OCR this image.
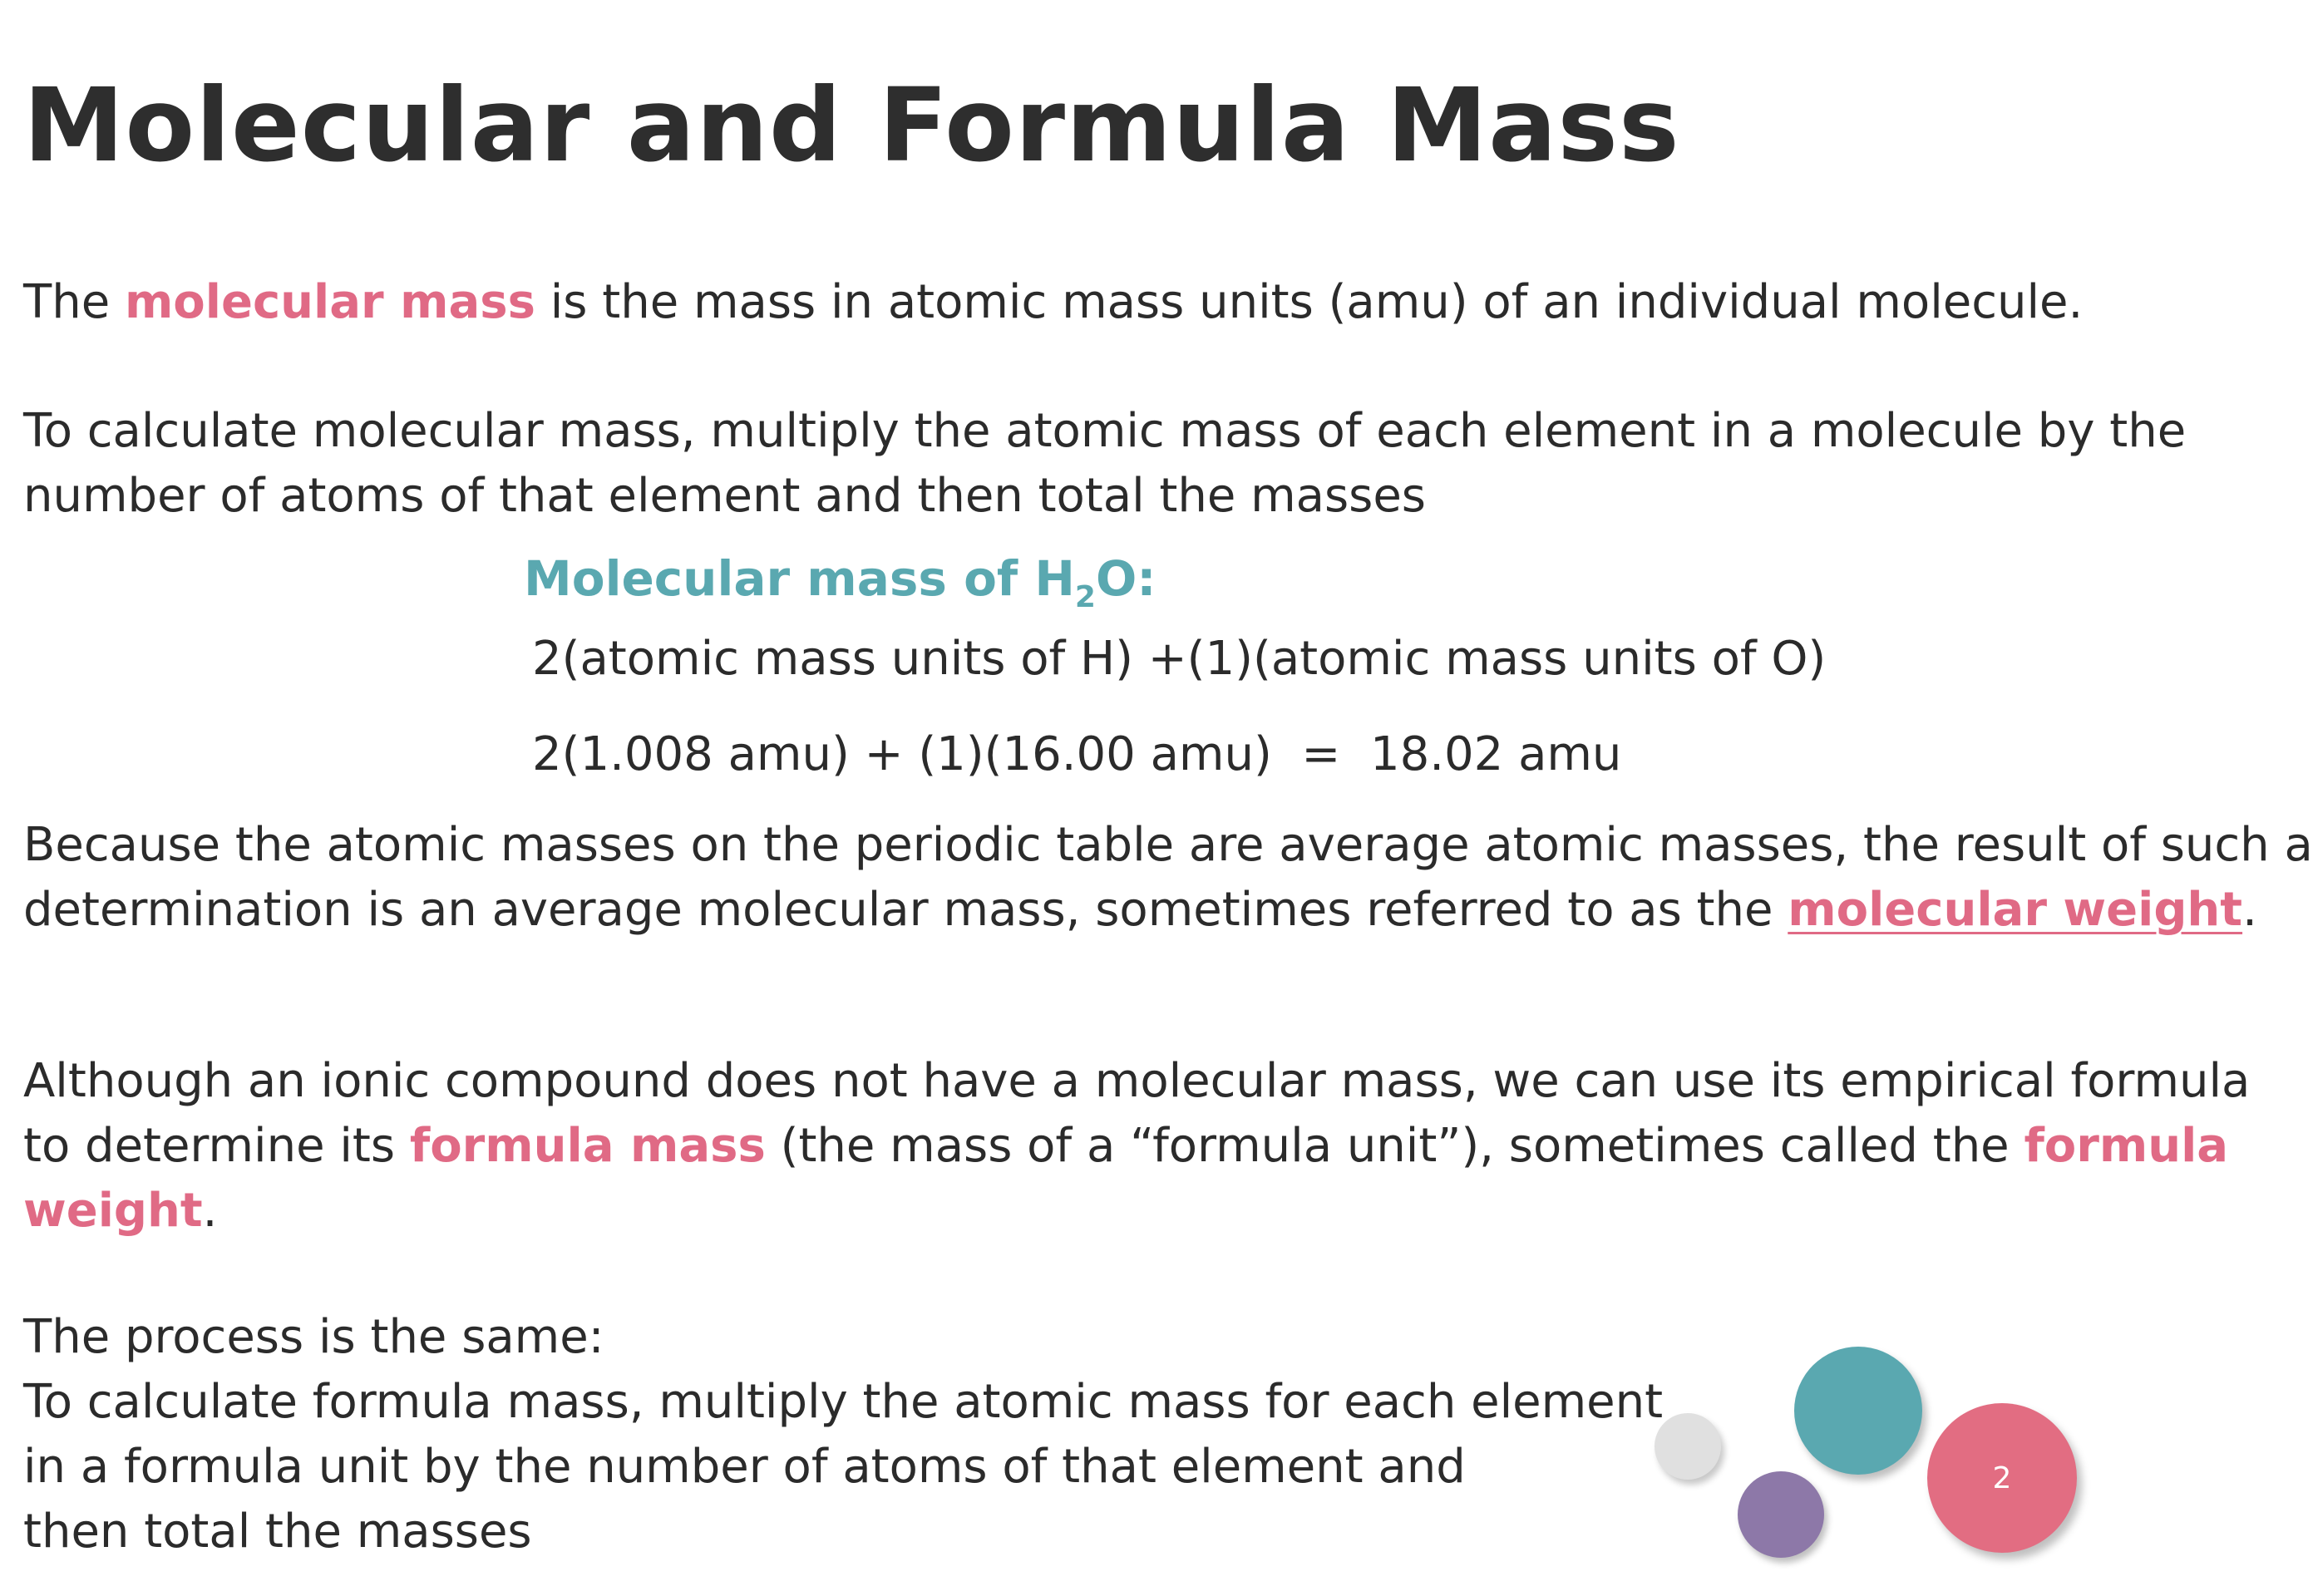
Molecular and Formula Mass

The molecular mass is the mass in atomic mass units (amu) of an individual molecule.

To calculate molecular mass, multiply the atomic mass of each element in a molecule by the
number of atoms of that element and then total the masses

Molecular mass of $H_2O$:

2(atomic mass units of H) +(1)(atomic mass units of O)

2(1.008 amu) + (1)(16.00 amu)  =  18.02 amu

Because the atomic masses on the periodic table are average atomic masses, the result of such a
determination is an average molecular mass, sometimes referred to as the molecular weight.

Although an ionic compound does not have a molecular mass, we can use its empirical formula
to determine its formula mass (the mass of a “formula unit”), sometimes called the formula
weight.

The process is the same:
To calculate formula mass, multiply the atomic mass for each element
in a formula unit by the number of atoms of that element and
then total the masses

2
